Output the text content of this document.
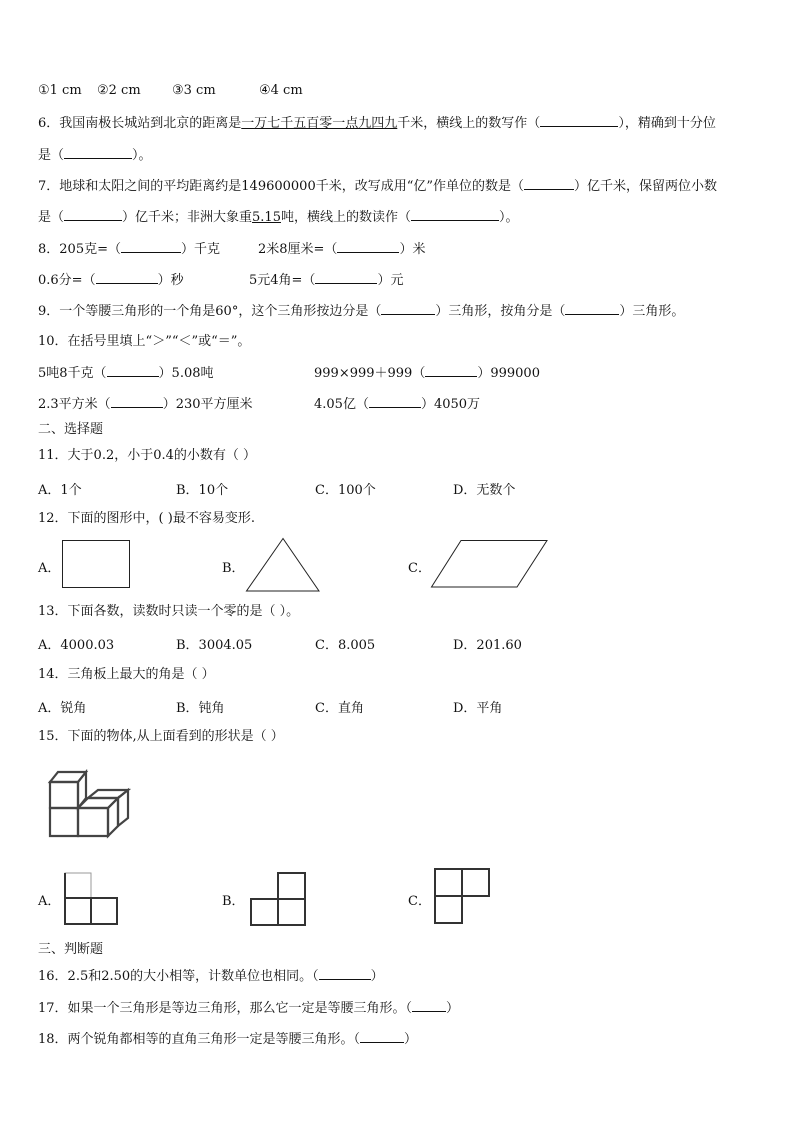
①1 cm ②2 cm ③3 cm	④4 cm
6．我国南极长城站到北京的距离是一万七千五百零一点九四九千米，横线上的数写作（	），精确到十分位
是（	）。
7．地球和太阳之间的平均距离约是149600000千米，改写成用“亿”作单位的数是（	）亿千米，保留两位小数
是（	）亿千米；非洲大象重5.15吨，横线上的数读作（	）。
8．205克=（	）千克	2米8厘米=（	）米
0.6分=（	）秒	5元4角=（	）元
9．一个等腰三角形的一个角是60°，这个三角形按边分是（	）三角形，按角分是（	）三角形。
10．在括号里填上“＞”“＜”或“＝”。
5吨8千克（	）5.08吨	999×999＋999（	）999000
2.3平方米（	）230平方厘米	4.05亿（	）4050万
二、选择题
11．大于0.2，小于0.4的小数有（ ）
A．1个	B．10个	C．100个	D．无数个
12．下面的图形中，( )最不容易变形.
A．	B．	C．
13．下面各数，读数时只读一个零的是（ ）。
A．4000.03	B．3004.05	C．8.005	D．201.60
14．三角板上最大的角是（ ）
A．锐角	B．钝角	C．直角	D．平角
15．下面的物体,从上面看到的形状是（ ）
A．	B．	C．
三、判断题
16．2.5和2.50的大小相等，计数单位也相同。（	）
17．如果一个三角形是等边三角形，那么它一定是等腰三角形。（	）
18．两个锐角都相等的直角三角形一定是等腰三角形。（	）
